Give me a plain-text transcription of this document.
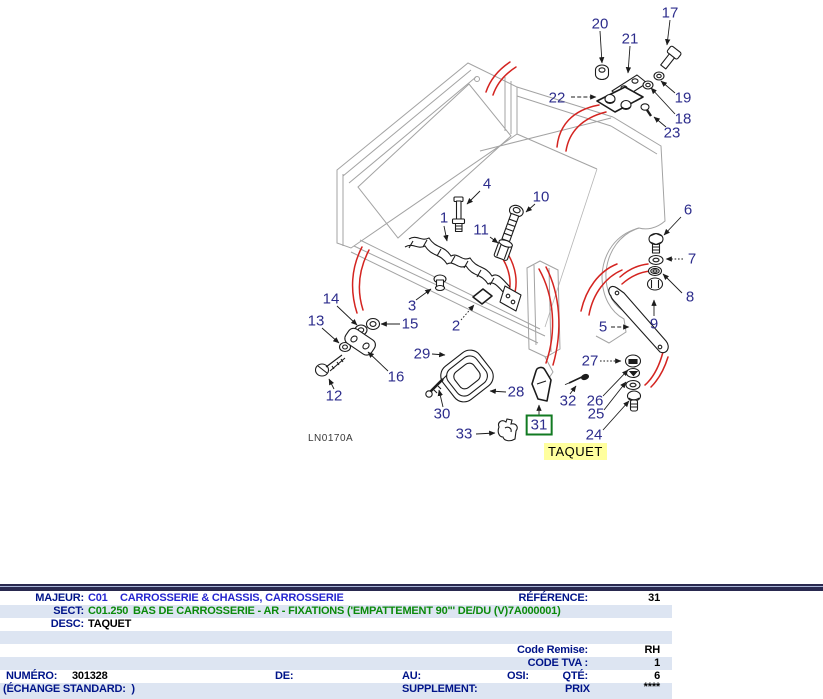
1
2
3
4
5
6
7
8
9
10
11
12
13
14
15
16
17
18
19
20
21
22
23
24
25
26
27
28
29
30
31
32
33
TAQUET
LN0170A
MAJEUR: C01 CARROSSERIE & CHASSIS, CARROSSERIE	RÉFÉRENCE:	31
SECT: C01.250 BAS DE CARROSSERIE - AR - FIXATIONS ('EMPATTEMENT 90"' DE/DU (V)7A000001)
DESC: TAQUET
Code Remise:	RH
CODE TVA :	1
NUMÉRO: 301328	DE:	AU:	OSI:	QTÉ:	6
(ÉCHANGE STANDARD:  )	SUPPLEMENT:	PRIX	****
